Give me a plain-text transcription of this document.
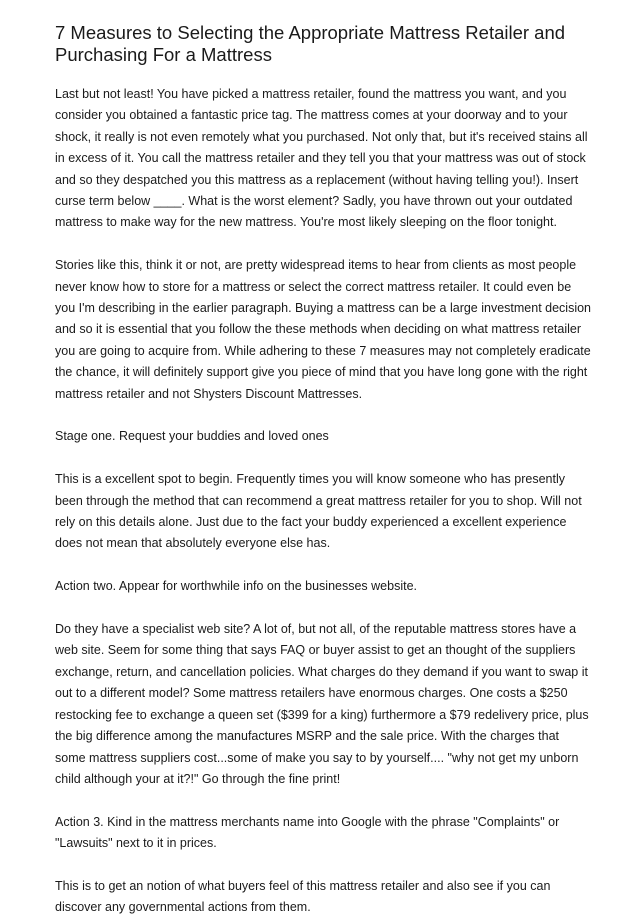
7 Measures to Selecting the Appropriate Mattress Retailer and Purchasing For a Mattress

Last but not least! You have picked a mattress retailer, found the mattress you want, and you consider you obtained a fantastic price tag. The mattress comes at your doorway and to your shock, it really is not even remotely what you purchased. Not only that, but it's received stains all in excess of it. You call the mattress retailer and they tell you that your mattress was out of stock and so they despatched you this mattress as a replacement (without having telling you!). Insert curse term below ____. What is the worst element? Sadly, you have thrown out your outdated mattress to make way for the new mattress. You're most likely sleeping on the floor tonight.

Stories like this, think it or not, are pretty widespread items to hear from clients as most people never know how to store for a mattress or select the correct mattress retailer. It could even be you I'm describing in the earlier paragraph. Buying a mattress can be a large investment decision and so it is essential that you follow the these methods when deciding on what mattress retailer you are going to acquire from. While adhering to these 7 measures may not completely eradicate the chance, it will definitely support give you piece of mind that you have long gone with the right mattress retailer and not Shysters Discount Mattresses.

Stage one. Request your buddies and loved ones

This is a excellent spot to begin. Frequently times you will know someone who has presently been through the method that can recommend a great mattress retailer for you to shop. Will not rely on this details alone. Just due to the fact your buddy experienced a excellent experience does not mean that absolutely everyone else has.

Action two. Appear for worthwhile info on the businesses website.

Do they have a specialist web site? A lot of, but not all, of the reputable mattress stores have a web site. Seem for some thing that says FAQ or buyer assist to get an thought of the suppliers exchange, return, and cancellation policies. What charges do they demand if you want to swap it out to a different model? Some mattress retailers have enormous charges. One costs a $250 restocking fee to exchange a queen set ($399 for a king) furthermore a $79 redelivery price, plus the big difference among the manufactures MSRP and the sale price. With the charges that some mattress suppliers cost...some of make you say to by yourself.... "why not get my unborn child although your at it?!" Go through the fine print!

Action 3. Kind in the mattress merchants name into Google with the phrase "Complaints" or "Lawsuits" next to it in prices.

This is to get an notion of what buyers feel of this mattress retailer and also see if you can discover any governmental actions from them.
